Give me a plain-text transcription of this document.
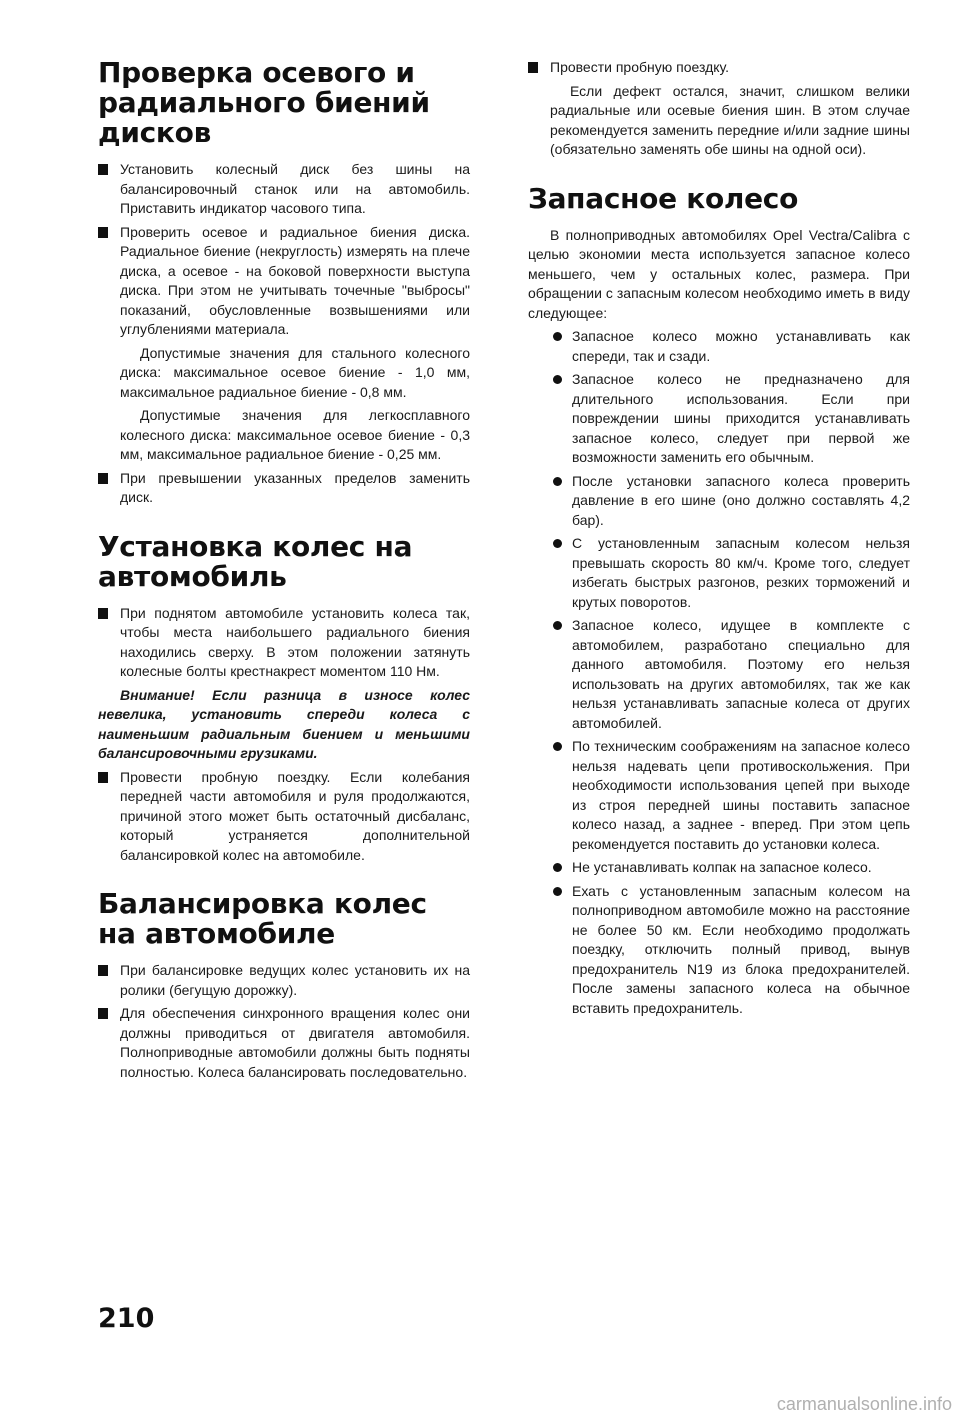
Проверка осевого и радиального биений дисков

Установить колесный диск без шины на балансировочный станок или на автомобиль. Приставить индикатор часового типа.

Проверить осевое и радиальное биения диска. Радиальное биение (некруглость) измерять на плече диска, а осевое - на боковой поверхности выступа диска. При этом не учитывать точечные "выбросы" показаний, обусловленные возвышениями или углублениями материала.

Допустимые значения для стального колесного диска: максимальное осевое биение - 1,0 мм, максимальное радиальное биение - 0,8 мм.

Допустимые значения для легкосплавного колесного диска: максимальное осевое биение - 0,3 мм, максимальное радиальное биение - 0,25 мм.

При превышении указанных пределов заменить диск.

Установка колес на автомобиль

При поднятом автомобиле установить колеса так, чтобы места наибольшего радиального биения находились сверху. В этом положении затянуть колесные болты крестнакрест моментом 110 Нм.

Внимание! Если разница в износе колес невелика, установить спереди колеса с наименьшим радиальным биением и меньшими балансировочными грузиками.

Провести пробную поездку. Если колебания передней части автомобиля и руля продолжаются, причиной этого может быть остаточный дисбаланс, который устраняется дополнительной балансировкой колес на автомобиле.

Балансировка колес на автомобиле

При балансировке ведущих колес установить их на ролики (бегущую дорожку).

Для обеспечения синхронного вращения колес они должны приводиться от двигателя автомобиля. Полноприводные автомобили должны быть подняты полностью. Колеса балансировать последовательно.

Провести пробную поездку.

Если дефект остался, значит, слишком велики радиальные или осевые биения шин. В этом случае рекомендуется заменить передние и/или задние шины (обязательно заменять обе шины на одной оси).

Запасное колесо

В полноприводных автомобилях Opel Vectra/Calibra с целью экономии места используется запасное колесо меньшего, чем у остальных колес, размера. При обращении с запасным колесом необходимо иметь в виду следующее:

Запасное колесо можно устанавливать как спереди, так и сзади.

Запасное колесо не предназначено для длительного использования. Если при повреждении шины приходится устанавливать запасное колесо, следует при первой же возможности заменить его обычным.

После установки запасного колеса проверить давление в его шине (оно должно составлять 4,2 бар).

С установленным запасным колесом нельзя превышать скорость 80 км/ч. Кроме того, следует избегать быстрых разгонов, резких торможений и крутых поворотов.

Запасное колесо, идущее в комплекте с автомобилем, разработано специально для данного автомобиля. Поэтому его нельзя использовать на других автомобилях, так же как нельзя устанавливать запасные колеса от других автомобилей.

По техническим соображениям на запасное колесо нельзя надевать цепи противоскольжения. При необходимости использования цепей при выходе из строя передней шины поставить запасное колесо назад, а заднее - вперед. При этом цепь рекомендуется поставить до установки колеса.

Не устанавливать колпак на запасное колесо.

Ехать с установленным запасным колесом на полноприводном автомобиле можно на расстояние не более 50 км. Если необходимо продолжать поездку, отключить полный привод, вынув предохранитель N19 из блока предохранителей. После замены запасного колеса на обычное вставить предохранитель.

210
carmanualsonline.info
